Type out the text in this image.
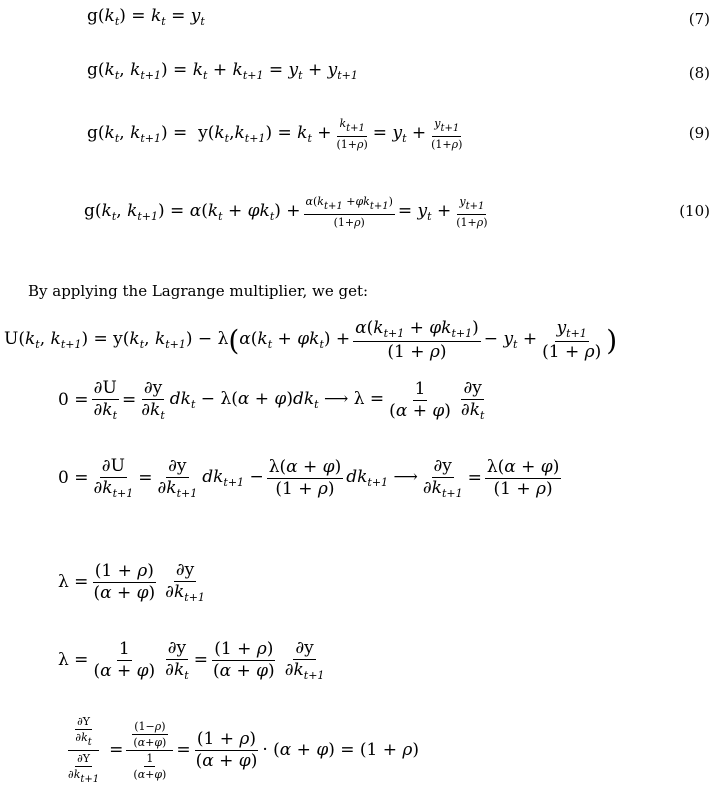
$g(k_t) = k_t = y_t$	(7)
$g(k_t$, $k_{t+1}) = k_t + k_{t+1} = y_t + y_{t+1}$	(8)
$g(k_t$, $k_{t+1}) = y(k_t,k_{t+1}) = k_t + \frac{kt+1}{(1+\rho)} = y_t + \frac{yt+1}{(1+\rho)}$	(9)
$g(k_t$, $k_{t+1}) = \alpha(k_t + \varphi k_t) + \frac{\text{α(kt+1 +φkt+1)}}{(1+\rho)} = y_t + \frac{yt+1}{(1+\rho)}$	(10)
By applying the Lagrange multiplier, we get:
$U(k_t$, $k_{t+1}) = y(k_t$, $k_{t+1}) - \lambda$ ( $\alpha(k_t + \varphi k_t) + \frac{\alpha(k_{t+1} + \varphi k_{t+1})}{(1 + \rho)} - y_t + \frac{y_{t+1}}{(1 + \rho)}$ )
$0 = \frac{\partial U}{\partial k_t} = \frac{\partial y}{\partial k_t} dk_t - \lambda(\alpha + \varphi)dk_t$ ⟶ $\lambda = \frac{1}{(\alpha + \varphi)} \frac{\partial y}{\partial k_t}$
$0 = \frac{\partial U}{\partial k_{t+1}} = \frac{\partial y}{\partial k_{t+1}} dk_{t+1} - \frac{\lambda(\alpha + \varphi)}{(1 + \rho)} dk_{t+1}$ ⟶ $\frac{\partial y}{\partial k_{t+1}} = \frac{\lambda(\alpha + \varphi)}{(1 + \rho)}$
$\lambda = \frac{(1 + \rho)}{(\alpha + \varphi)} \frac{\partial y}{\partial k_{t+1}}$
$\lambda = \frac{1}{(\alpha + \varphi)} \frac{\partial y}{\partial k_t} = \frac{(1 + \rho)}{(\alpha + \varphi)} \frac{\partial y}{\partial k_{t+1}}$
$\frac{\frac{\partial Y}{\partial kt}}{\frac{\partial Y}{\partial kt+1}} = \frac{\frac{(1-\rho)}{(\alpha+\varphi)}}{\frac{1}{(\alpha+\varphi)}} = \frac{(1 + \rho)}{(\alpha + \varphi)} \cdot (\alpha + \varphi) = (1 + \rho)$
